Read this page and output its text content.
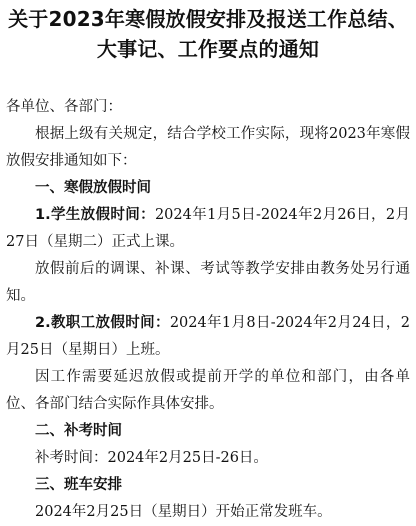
关于2023年寒假放假安排及报送工作总结、
大事记、工作要点的通知

各单位、各部门：

根据上级有关规定，结合学校工作实际，现将2023年寒假放假安排通知如下：

一、寒假放假时间

1.学生放假时间：2024年1月5日-2024年2月26日，2月27日（星期二）正式上课。

放假前后的调课、补课、考试等教学安排由教务处另行通知。

2.教职工放假时间：2024年1月8日-2024年2月24日，2月25日（星期日）上班。

因工作需要延迟放假或提前开学的单位和部门，由各单位、各部门结合实际作具体安排。

二、补考时间

补考时间：2024年2月25日-26日。

三、班车安排

2024年2月25日（星期日）开始正常发班车。
